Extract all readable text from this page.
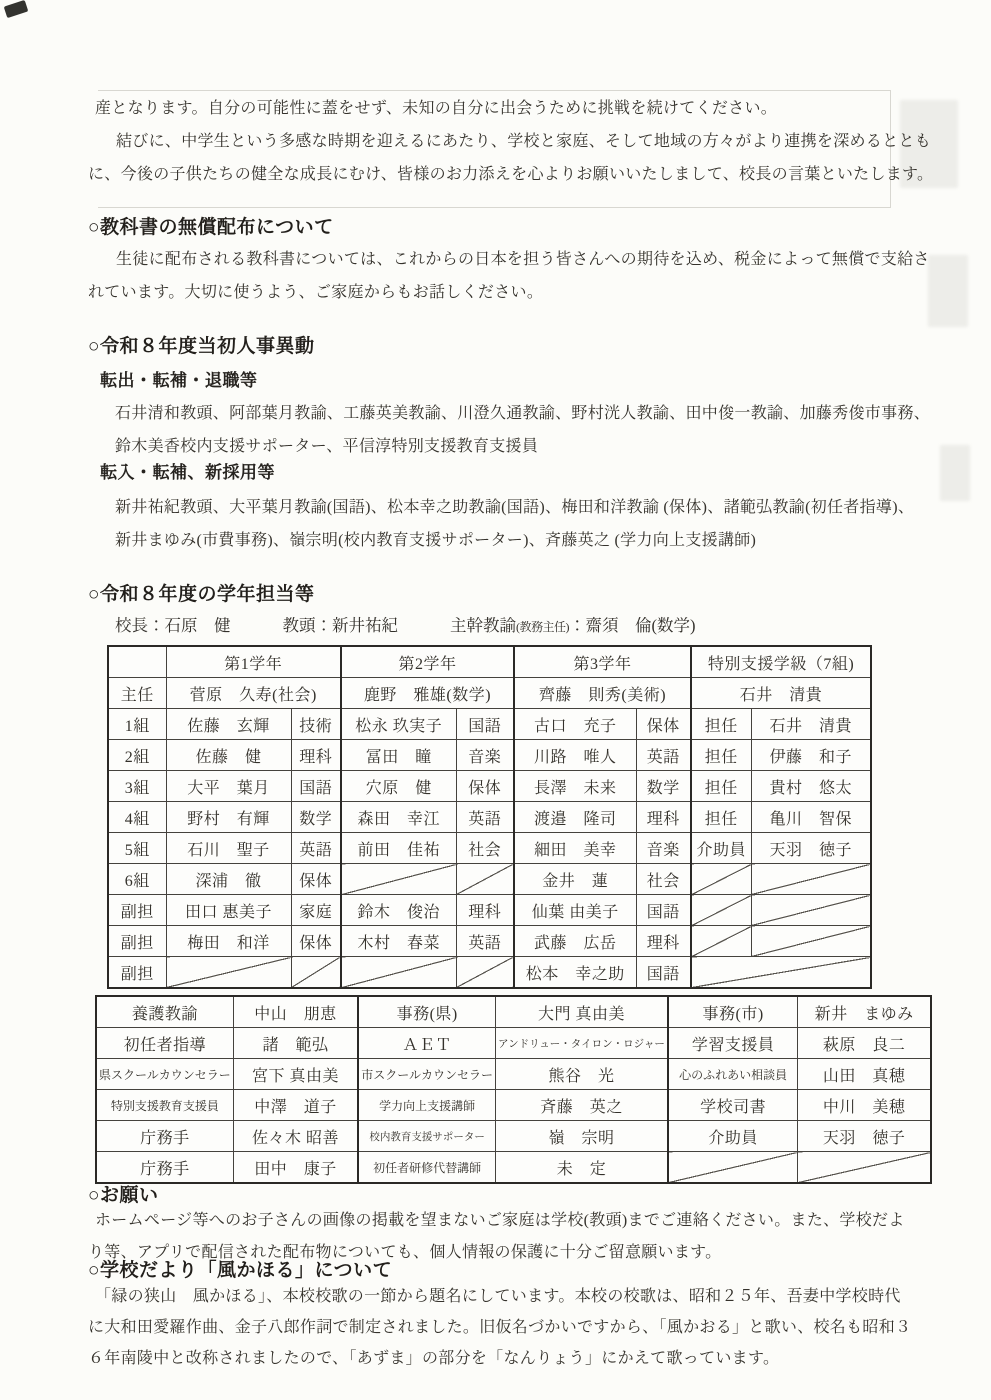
産となります。自分の可能性に蓋をせず、未知の自分に出会うために挑戦を続けてください。
結びに、中学生という多感な時期を迎えるにあたり、学校と家庭、そして地域の方々がより連携を深めるととも
に、今後の子供たちの健全な成長にむけ、皆様のお力添えを心よりお願いいたしまして、校長の言葉といたします。
○教科書の無償配布について
生徒に配布される教科書については、これからの日本を担う皆さんへの期待を込め、税金によって無償で支給さ
れています。大切に使うよう、ご家庭からもお話しください。
○令和８年度当初人事異動
転出・転補・退職等
石井清和教頭、阿部葉月教諭、工藤英美教諭、川澄久通教諭、野村洸人教諭、田中俊一教諭、加藤秀俊市事務、
鈴木美香校内支援サポーター、平信淳特別支援教育支援員
転入・転補、新採用等
新井祐紀教頭、大平葉月教諭(国語)、松本幸之助教諭(国語)、梅田和洋教諭 (保体)、諸範弘教諭(初任者指導)、
新井まゆみ(市費事務)、嶺宗明(校内教育支援サポーター)、斉藤英之 (学力向上支援講師)
○令和８年度の学年担当等
校長：石原　健	教頭：新井祐紀	主幹教諭(教務主任)：齋須　倫(数学)
	第1学年		第2学年		第3学年		特別支援学級（7組)	
主任	菅原　久寿(社会)		鹿野　雅雄(数学)		齊藤　則秀(美術)		石井　清貴	
1組	佐藤　玄輝	技術	松永 玖実子	国語	古口　充子	保体	担任	石井　清貴
2組	佐藤　健	理科	冨田　瞳	音楽	川路　唯人	英語	担任	伊藤　和子
3組	大平　葉月	国語	穴原　健	保体	長澤　未来	数学	担任	貴村　悠太
4組	野村　有輝	数学	森田　幸江	英語	渡邉　隆司	理科	担任	亀川　智保
5組	石川　聖子	英語	前田　佳祐	社会	細田　美幸	音楽	介助員	天羽　徳子
6組	深浦　徹	保体			金井　蓮	社会		
副担	田口 惠美子	家庭	鈴木　俊治	理科	仙葉 由美子	国語		
副担	梅田　和洋	保体	木村　春菜	英語	武藤　広岳	理科		
副担					松本　幸之助	国語		
養護教諭	中山　朋恵	事務(県)	大門 真由美	事務(市)	新井　まゆみ
初任者指導	諸　範弘	ＡＥＴ	アンドリュー・タイロン・ロジャー	学習支援員	萩原　良二
県スクールカウンセラー	宮下 真由美	市スクールカウンセラー	熊谷　光	心のふれあい相談員	山田　真穂
特別支援教育支援員	中澤　道子	学力向上支援講師	斉藤　英之	学校司書	中川　美穂
庁務手	佐々木 昭善	校内教育支援サポーター	嶺　宗明	介助員	天羽　徳子
庁務手	田中　康子	初任者研修代替講師	未　定		
○お願い
ホームページ等へのお子さんの画像の掲載を望まないご家庭は学校(教頭)までご連絡ください。また、学校だよ
り等、アプリで配信された配布物についても、個人情報の保護に十分ご留意願います。
○学校だより「風かほる」について
「緑の狭山　風かほる」、本校校歌の一節から題名にしています。本校の校歌は、昭和２５年、吾妻中学校時代
に大和田愛羅作曲、金子八郎作詞で制定されました。旧仮名づかいですから、「風かおる」と歌い、校名も昭和３
６年南陵中と改称されましたので、「あずま」の部分を「なんりょう」にかえて歌っています。
